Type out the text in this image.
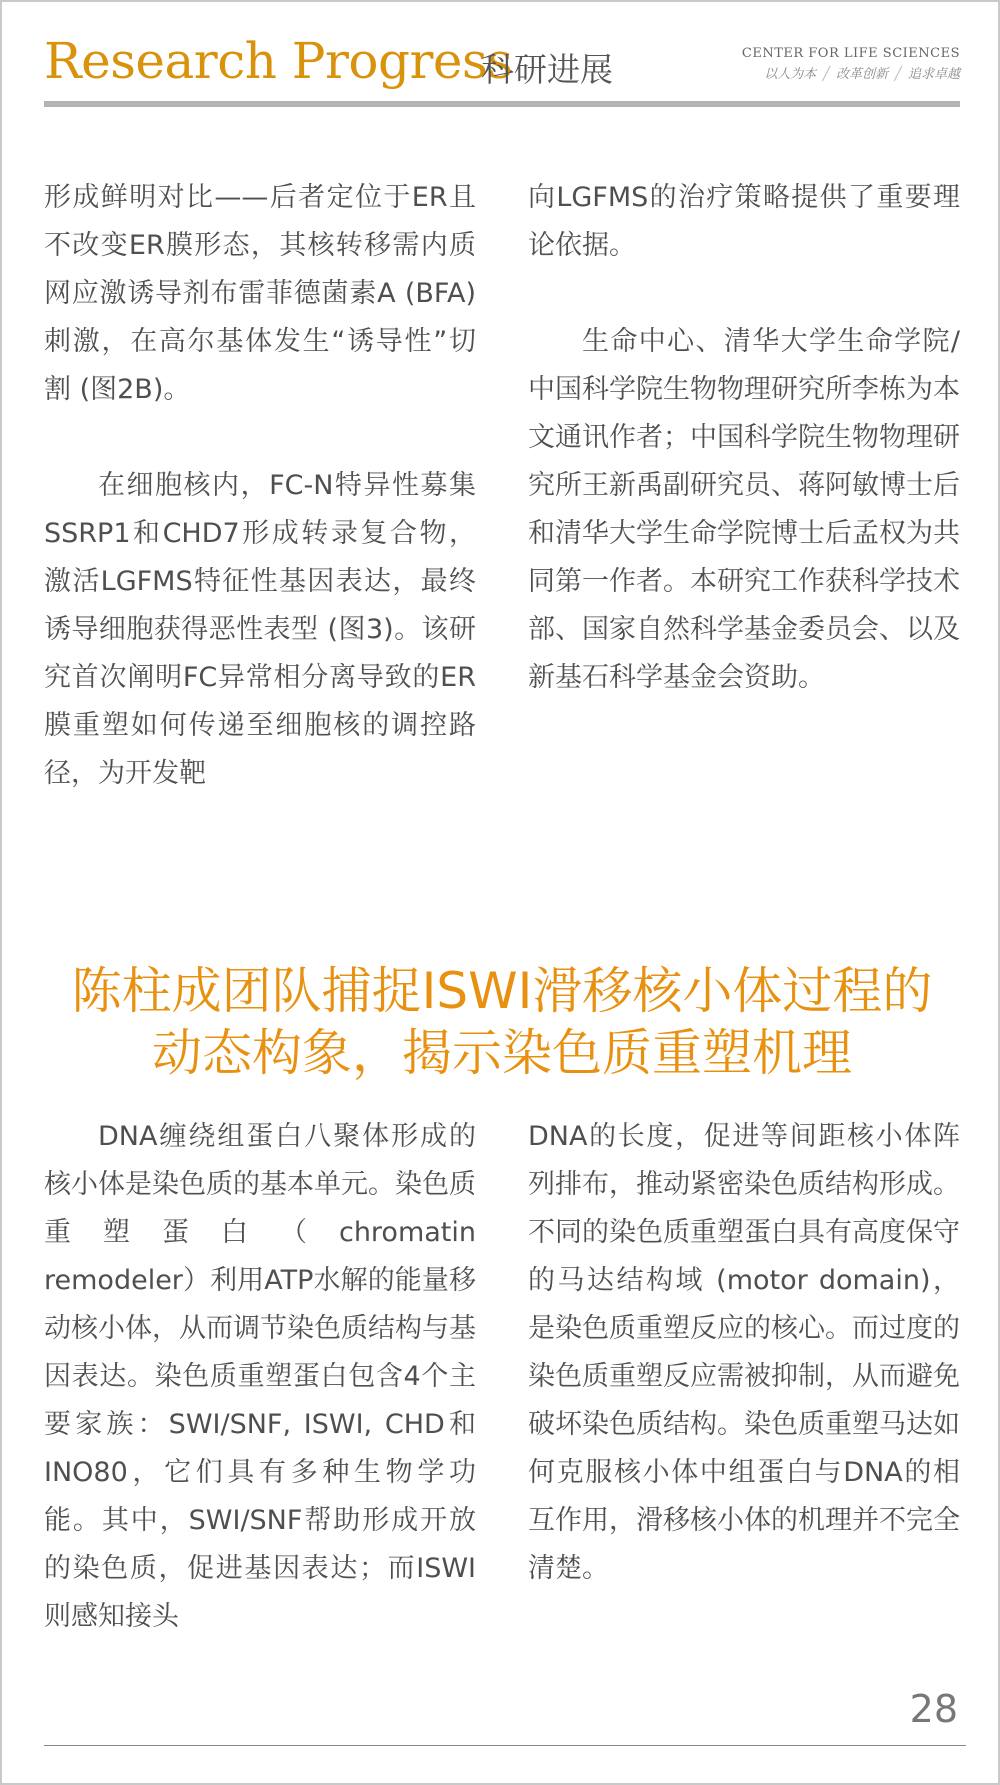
Research Progress
科研进展	CENTER FOR LIFE SCIENCES
以人为本 ╱ 改革创新 ╱ 追求卓越

形成鲜明对比——后者定位于ER且不改变ER膜形态，其核转移需内质网应激诱导剂布雷菲德菌素A (BFA) 刺激，在高尔基体发生“诱导性”切割 (图2B)。

在细胞核内，FC-N特异性募集SSRP1和CHD7形成转录复合物，激活LGFMS特征性基因表达，最终诱导细胞获得恶性表型 (图3)。该研究首次阐明FC异常相分离导致的ER膜重塑如何传递至细胞核的调控路径，为开发靶

向LGFMS的治疗策略提供了重要理论依据。

生命中心、清华大学生命学院/中国科学院生物物理研究所李栋为本文通讯作者；中国科学院生物物理研究所王新禹副研究员、蒋阿敏博士后和清华大学生命学院博士后孟权为共同第一作者。本研究工作获科学技术部、国家自然科学基金委员会、以及新基石科学基金会资助。

陈柱成团队捕捉ISWI滑移核小体过程的
动态构象，揭示染色质重塑机理

DNA缠绕组蛋白八聚体形成的核小体是染色质的基本单元。染色质重塑蛋白（chromatin remodeler）利用ATP水解的能量移动核小体，从而调节染色质结构与基因表达。染色质重塑蛋白包含4个主要家族：SWI/SNF, ISWI, CHD和INO80，它们具有多种生物学功能。其中，SWI/SNF帮助形成开放的染色质，促进基因表达；而ISWI则感知接头

DNA的长度，促进等间距核小体阵列排布，推动紧密染色质结构形成。不同的染色质重塑蛋白具有高度保守的马达结构域 (motor domain)，是染色质重塑反应的核心。而过度的染色质重塑反应需被抑制，从而避免破坏染色质结构。染色质重塑马达如何克服核小体中组蛋白与DNA的相互作用，滑移核小体的机理并不完全清楚。

28
